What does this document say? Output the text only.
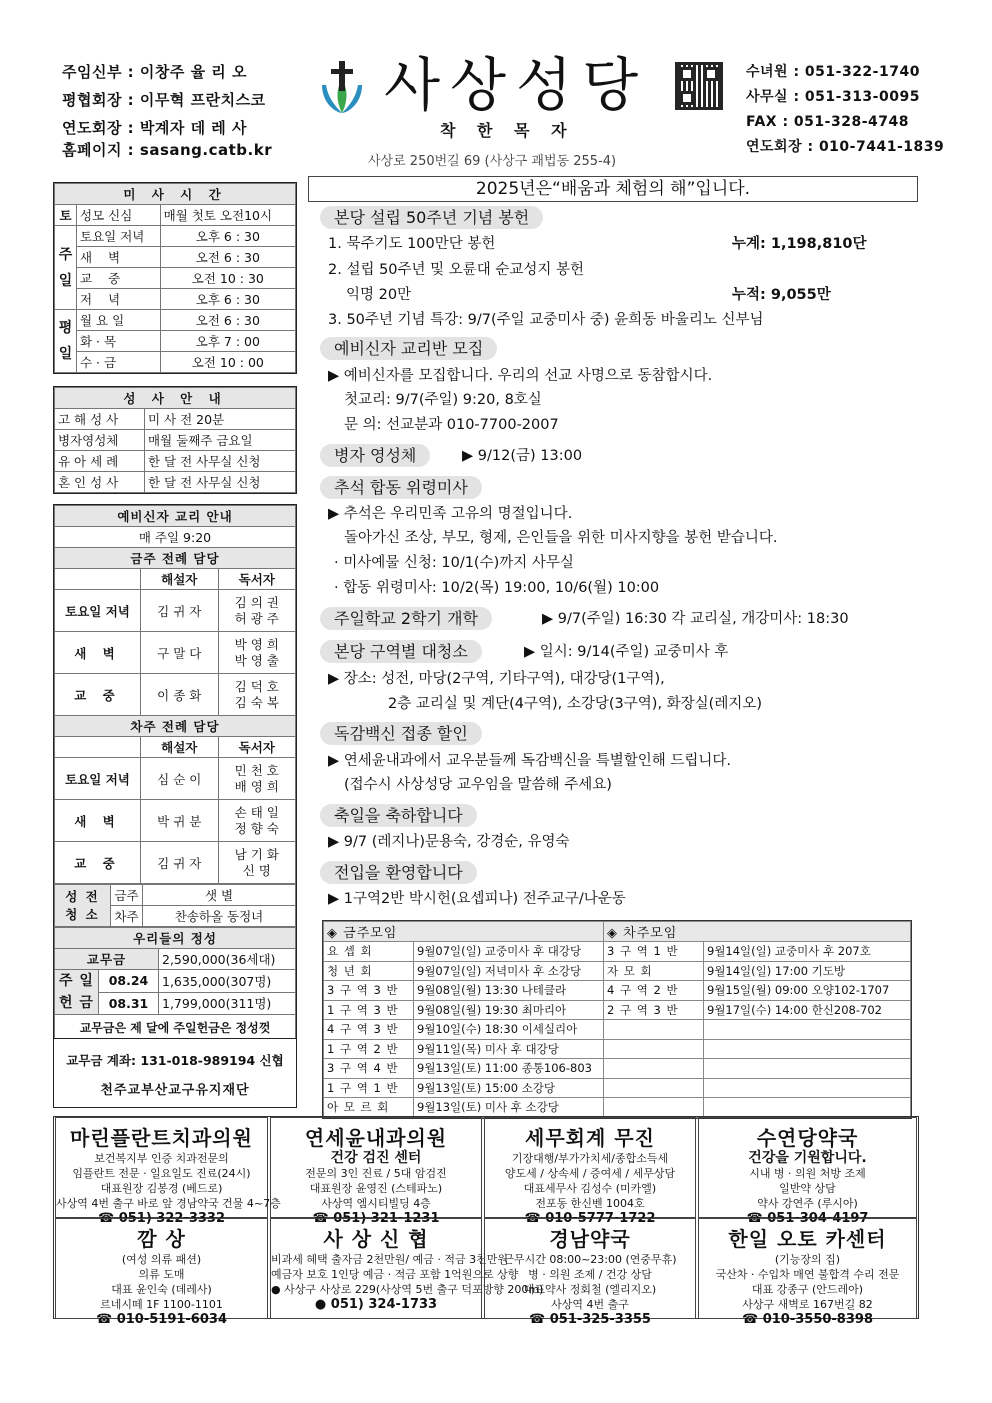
주임신부 : 이창주 율 리 오
평협회장 : 이무혁 프란치스코
연도회장 : 박계자 데 레 사
홈페이지 : sasang.catb.kr
사상성당
착 한 목 자
사상로 250번길 69 (사상구 괘법동 255-4)
수녀원 : 051-322-1740
사무실 : 051-313-0095
FAX : 051-328-4748
연도회장 : 010-7441-1839
미 사 시 간		
토	성모 신심	매월 첫토 오전10시
주
일	토요일 저녁	오후 6 : 30
	새 벽	오전 6 : 30
	교 중	오전 10 : 30
	저 녁	오후 6 : 30
평
일	월 요 일	오전 6 : 30
	화 · 목	오후 7 : 00
	수 · 금	오전 10 : 00
성 사 안 내	
고 해 성 사	미 사 전 20분
병자영성체	매월 둘째주 금요일
유 아 세 례	한 달 전 사무실 신청
혼 인 성 사	한 달 전 사무실 신청
예비신자 교리 안내		
매 주일 9:20		
금주 전례 담당		
	해설자	독서자
토요일 저녁	김 귀 자	김 의 권
허 광 주
새 벽	구 말 다	박 영 희
박 영 출
교 중	이 종 화	김 덕 호
김 숙 복
차주 전례 담당		
	해설자	독서자
토요일 저녁	심 순 이	민 천 호
배 영 희
새 벽	박 귀 분	손 태 일
정 향 숙
교 중	김 귀 자	남 기 화
신 명
성 전
청 소	금주	샛 별
	차주	찬송하올 동정녀
우리들의 정성		
교무금		2,590,000(36세대)
주 일
헌 금	08.24	1,635,000(307명)
	08.31	1,799,000(311명)
교무금은 제 달에 주일헌금은 정성껏		
교무금 계좌: 131-018-989194 신협
천주교부산교구유지재단
2025년은“배움과 체험의 해”입니다.
본당 설립 50주년 기념 봉헌
1. 묵주기도 100만단 봉헌	누계: 1,198,810단
2. 설립 50주년 및 오륜대 순교성지 봉헌
익명 20만	누적: 9,055만
3. 50주년 기념 특강: 9/7(주일 교중미사 중) 윤희동 바울리노 신부님
예비신자 교리반 모집
▶ 예비신자를 모집합니다. 우리의 선교 사명으로 동참합시다.
첫교리: 9/7(주일) 9:20, 8호실
문 의: 선교분과 010-7700-2007
병자 영성체	▶ 9/12(금) 13:00
추석 합동 위령미사
▶ 추석은 우리민족 고유의 명절입니다.
돌아가신 조상, 부모, 형제, 은인들을 위한 미사지향을 봉헌 받습니다.
· 미사예물 신청: 10/1(수)까지 사무실
· 합동 위령미사: 10/2(목) 19:00, 10/6(월) 10:00
주일학교 2학기 개학	▶ 9/7(주일) 16:30 각 교리실, 개강미사: 18:30
본당 구역별 대청소	▶ 일시: 9/14(주일) 교중미사 후
▶ 장소: 성전, 마당(2구역, 기타구역), 대강당(1구역),
2층 교리실 및 계단(4구역), 소강당(3구역), 화장실(레지오)
독감백신 접종 할인
▶ 연세윤내과에서 교우분들께 독감백신을 특별할인해 드립니다.
(접수시 사상성당 교우임을 말씀해 주세요)
축일을 축하합니다
▶ 9/7 (레지나)문용숙, 강경순, 유영숙
전입을 환영합니다
▶ 1구역2반 박시헌(요셉피나) 전주교구/나운동
◈ 금주모임		◈ 차주모임	
요 셉 회	9월07일(일) 교중미사 후 대강당	3 구 역 1 반	9월14일(일) 교중미사 후 207호
청 년 회	9월07일(일) 저녁미사 후 소강당	자 모 회	9월14일(일) 17:00 기도방
3 구 역 3 반	9월08일(월) 13:30 나테클라	4 구 역 2 반	9월15일(월) 09:00 오양102-1707
1 구 역 3 반	9월08일(월) 19:30 최마리아	2 구 역 3 반	9월17일(수) 14:00 한신208-702
4 구 역 3 반	9월10일(수) 18:30 이세실리아		
1 구 역 2 반	9월11일(목) 미사 후 대강당		
3 구 역 4 반	9월13일(토) 11:00 종통106-803		
1 구 역 1 반	9월13일(토) 15:00 소강당		
아 모 르 회	9월13일(토) 미사 후 소강당		
마린플란트치과의원
보건복지부 인증 치과전문의
임플란트 전문 · 일요일도 진료(24시)
대표원장 김봉경 (베드로)
사상역 4번 출구 바로 앞 경남약국 건물 4~7층
☎ 051) 322-3332
연세윤내과의원
건강 검진 센터
전문의 3인 진료 / 5대 암검진
대표원장 윤영진 (스테파노)
사상역 엠시티빌딩 4층
☎ 051) 321-1231
세무회계 무진
기장대행/부가가치세/종합소득세
양도세 / 상속세 / 증여세 / 세무상담
대표세무사 김성수 (미카엘)
전포동 한신벤 1004호
☎ 010-5777-1722
수연당약국
건강을 기원합니다.
시내 병 · 의원 처방 조제
일반약 상담
약사 강연주 (루시아)
☎ 051-304-4197
깜 상
(여성 의류 패션)
의류 도매
대표 윤인숙 (데레사)
르네시떼 1F 1100-1101
☎ 010-5191-6034
사 상 신 협
비과세 혜택 출자금 2천만원/ 예금 · 적금 3천만원
예금자 보호 1인당 예금 · 적금 포함 1억원으로 상향
● 사상구 사상로 229(사상역 5번 출구 덕포방향 200m)
● 051) 324-1733
경남약국
근무시간 08:00~23:00 (연중무휴)
병 · 의원 조제 / 건강 상담
대표약사 정회철 (엘리지오)
사상역 4번 출구
☎ 051-325-3355
한일 오토 카센터
(기능장의 집)
국산차 · 수입차 매연 불합격 수리 전문
대표 강종구 (안드레아)
사상구 새벽로 167번길 82
☎ 010-3550-8398
